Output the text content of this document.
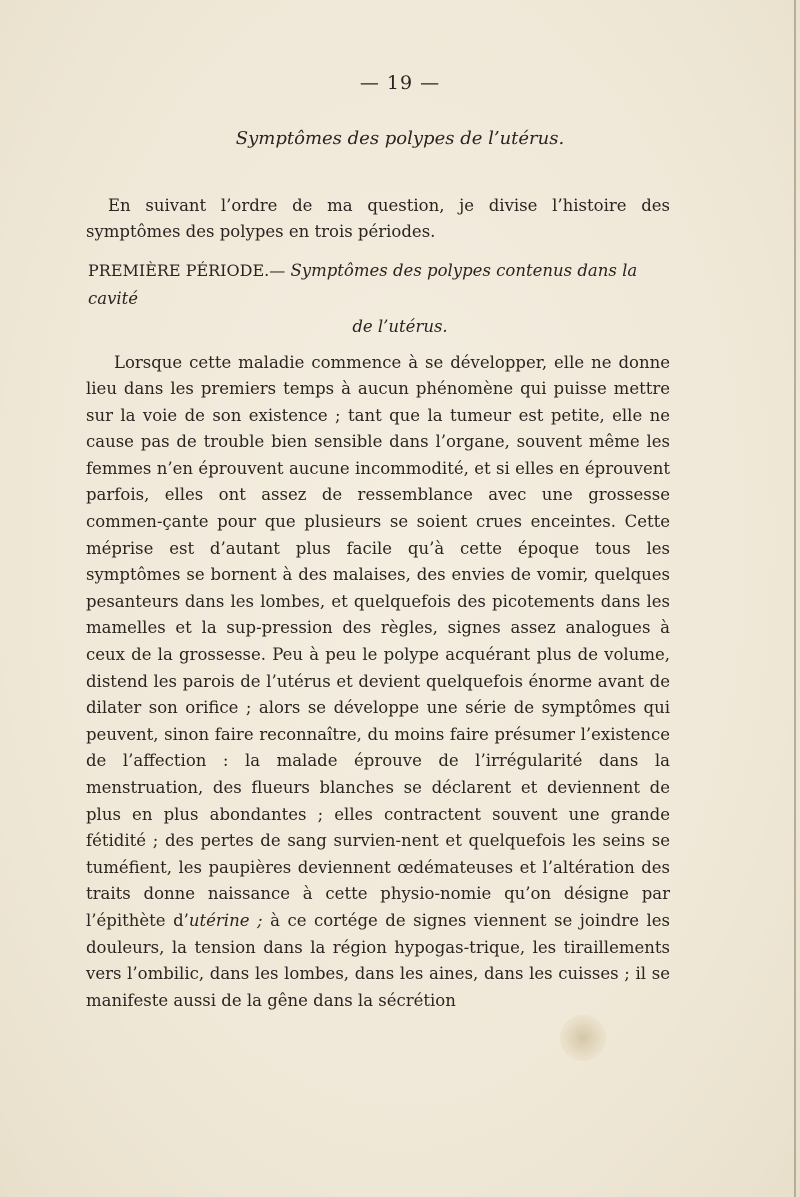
— 19 —
Symptômes des polypes de l’utérus.

En suivant l’ordre de ma question, je divise l’histoire des symptômes des polypes en trois périodes.

PREMIÈRE PÉRIODE.— Symptômes des polypes contenus dans la cavité
de l’utérus.

Lorsque cette maladie commence à se développer, elle ne donne lieu dans les premiers temps à aucun phénomène qui puisse mettre sur la voie de son existence ; tant que la tumeur est petite, elle ne cause pas de trouble bien sensible dans l’organe, souvent même les femmes n’en éprouvent aucune incommodité, et si elles en éprouvent parfois, elles ont assez de ressemblance avec une grossesse commen-çante pour que plusieurs se soient crues enceintes. Cette méprise est d’autant plus facile qu’à cette époque tous les symptômes se bornent à des malaises, des envies de vomir, quelques pesanteurs dans les lombes, et quelquefois des picotements dans les mamelles et la sup-pression des règles, signes assez analogues à ceux de la grossesse. Peu à peu le polype acquérant plus de volume, distend les parois de l’utérus et devient quelquefois énorme avant de dilater son orifice ; alors se développe une série de symptômes qui peuvent, sinon faire reconnaître, du moins faire présumer l’existence de l’affection : la malade éprouve de l’irrégularité dans la menstruation, des flueurs blanches se déclarent et deviennent de plus en plus abondantes ; elles contractent souvent une grande fétidité ; des pertes de sang survien-nent et quelquefois les seins se tuméfient, les paupières deviennent œdémateuses et l’altération des traits donne naissance à cette physio-nomie qu’on désigne par l’épithète d’utérine ; à ce cortége de signes viennent se joindre les douleurs, la tension dans la région hypogas-trique, les tiraillements vers l’ombilic, dans les lombes, dans les aines, dans les cuisses ; il se manifeste aussi de la gêne dans la sécrétion
